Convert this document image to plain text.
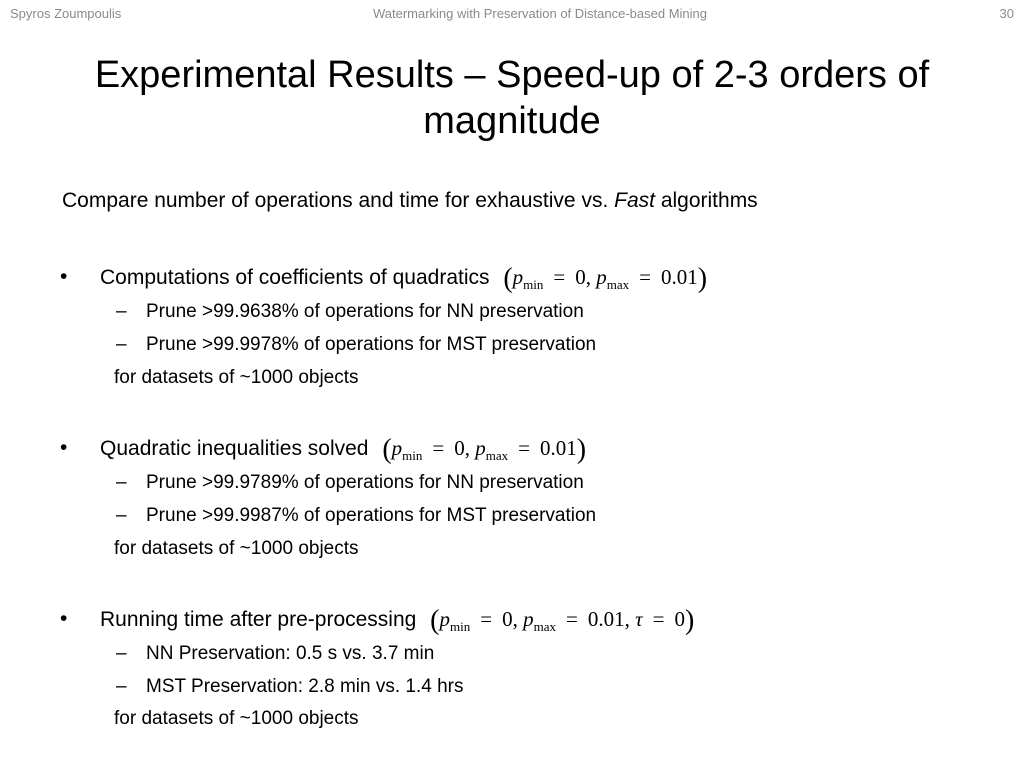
Spyros Zoumpoulis	Watermarking with Preservation of Distance-based Mining	30
Experimental Results – Speed-up of 2-3 orders of magnitude
Compare number of operations and time for exhaustive vs. Fast algorithms
• Computations of coefficients of quadratics ($p_{min} = 0$, $p_{max} = 0.01$)
– Prune >99.9638% of operations for NN preservation
– Prune >99.9978% of operations for MST preservation
for datasets of ~1000 objects
• Quadratic inequalities solved ($p_{min} = 0$, $p_{max} = 0.01$)
– Prune >99.9789% of operations for NN preservation
– Prune >99.9987% of operations for MST preservation
for datasets of ~1000 objects
• Running time after pre-processing ($p_{min} = 0$, $p_{max} = 0.01$, τ = 0)
– NN Preservation: 0.5 s vs. 3.7 min
– MST Preservation: 2.8 min vs. 1.4 hrs
for datasets of ~1000 objects
